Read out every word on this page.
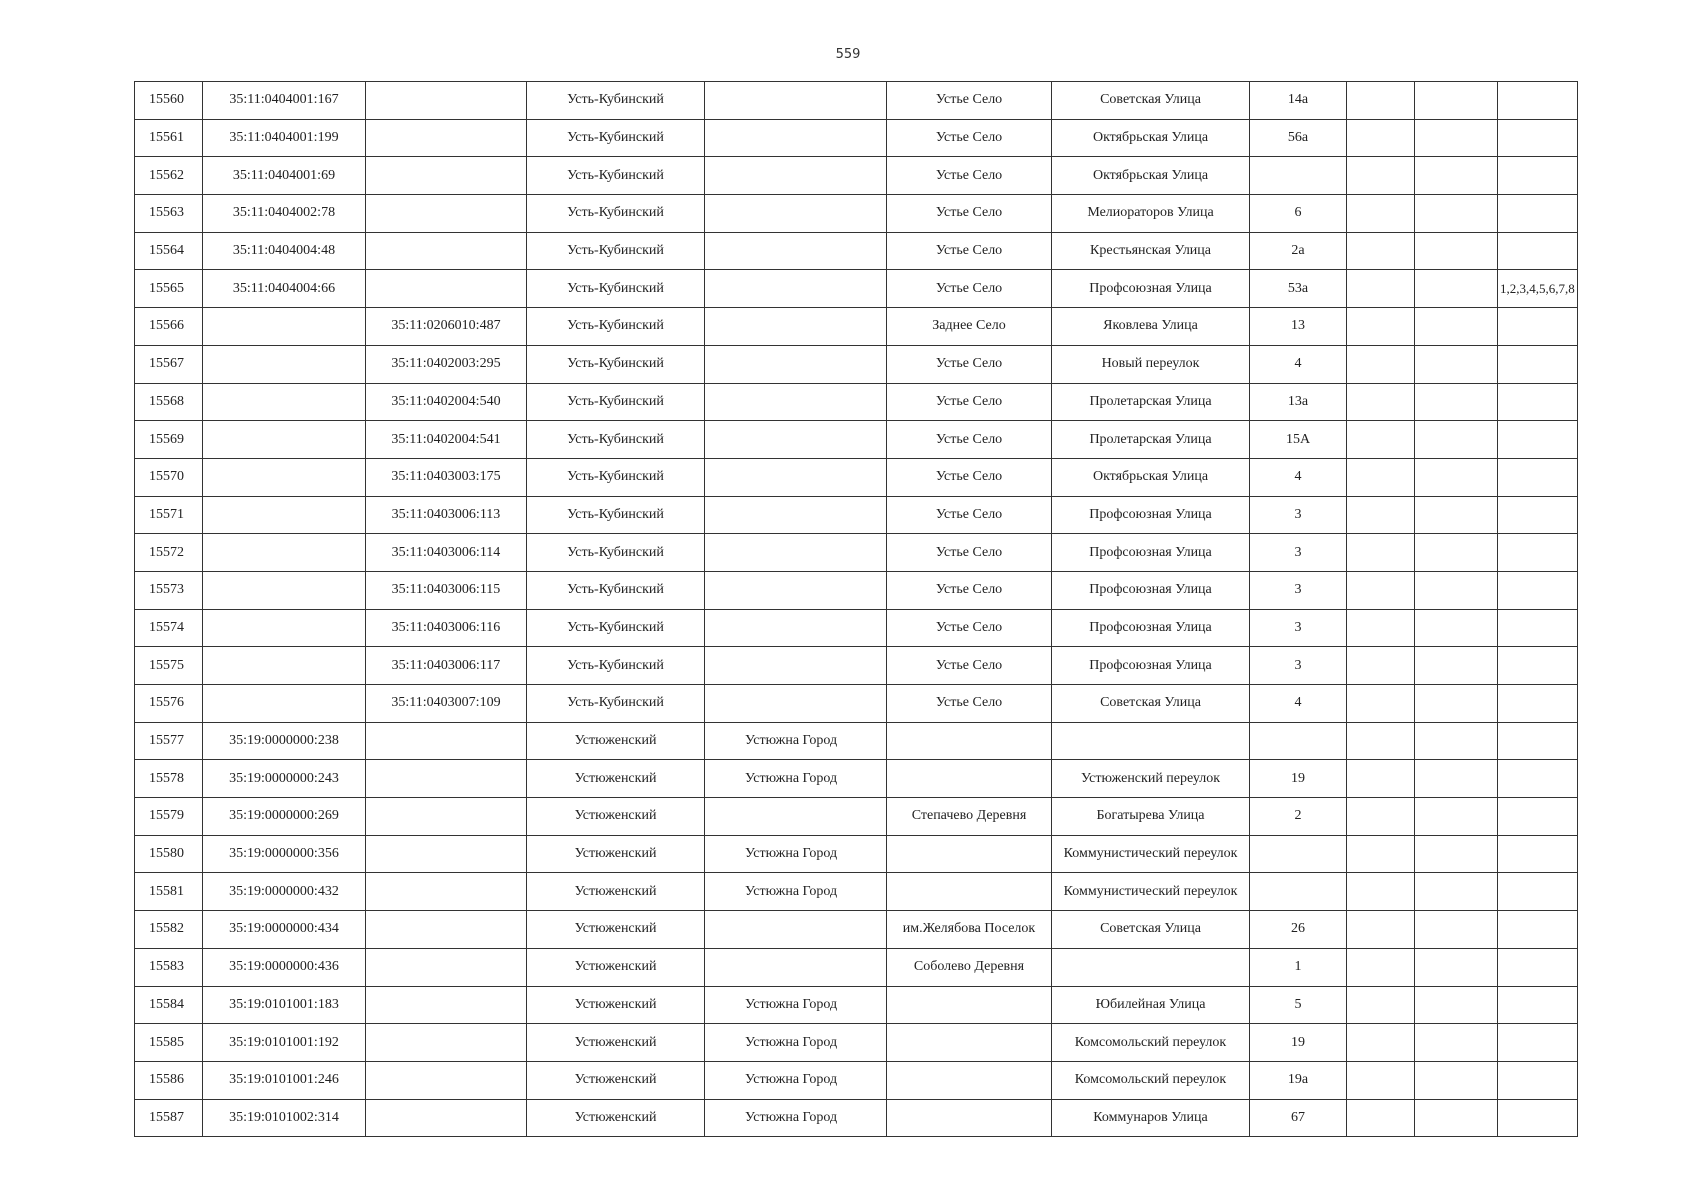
559
15560	35:11:0404001:167		Усть-Кубинский		Устье Село	Советская Улица	14а			
15561	35:11:0404001:199		Усть-Кубинский		Устье Село	Октябрьская Улица	56а			
15562	35:11:0404001:69		Усть-Кубинский		Устье Село	Октябрьская Улица				
15563	35:11:0404002:78		Усть-Кубинский		Устье Село	Мелиораторов Улица	6			
15564	35:11:0404004:48		Усть-Кубинский		Устье Село	Крестьянская Улица	2а			
15565	35:11:0404004:66		Усть-Кубинский		Устье Село	Профсоюзная Улица	53а			1,2,3,4,5,6,7,8
15566		35:11:0206010:487	Усть-Кубинский		Заднее Село	Яковлева Улица	13			
15567		35:11:0402003:295	Усть-Кубинский		Устье Село	Новый переулок	4			
15568		35:11:0402004:540	Усть-Кубинский		Устье Село	Пролетарская Улица	13а			
15569		35:11:0402004:541	Усть-Кубинский		Устье Село	Пролетарская Улица	15А			
15570		35:11:0403003:175	Усть-Кубинский		Устье Село	Октябрьская Улица	4			
15571		35:11:0403006:113	Усть-Кубинский		Устье Село	Профсоюзная Улица	3			
15572		35:11:0403006:114	Усть-Кубинский		Устье Село	Профсоюзная Улица	3			
15573		35:11:0403006:115	Усть-Кубинский		Устье Село	Профсоюзная Улица	3			
15574		35:11:0403006:116	Усть-Кубинский		Устье Село	Профсоюзная Улица	3			
15575		35:11:0403006:117	Усть-Кубинский		Устье Село	Профсоюзная Улица	3			
15576		35:11:0403007:109	Усть-Кубинский		Устье Село	Советская Улица	4			
15577	35:19:0000000:238		Устюженский	Устюжна Город						
15578	35:19:0000000:243		Устюженский	Устюжна Город		Устюженский переулок	19			
15579	35:19:0000000:269		Устюженский		Степачево Деревня	Богатырева Улица	2			
15580	35:19:0000000:356		Устюженский	Устюжна Город		Коммунистический переулок				
15581	35:19:0000000:432		Устюженский	Устюжна Город		Коммунистический переулок				
15582	35:19:0000000:434		Устюженский		им.Желябова Поселок	Советская Улица	26			
15583	35:19:0000000:436		Устюженский		Соболево Деревня		1			
15584	35:19:0101001:183		Устюженский	Устюжна Город		Юбилейная Улица	5			
15585	35:19:0101001:192		Устюженский	Устюжна Город		Комсомольский переулок	19			
15586	35:19:0101001:246		Устюженский	Устюжна Город		Комсомольский переулок	19а			
15587	35:19:0101002:314		Устюженский	Устюжна Город		Коммунаров Улица	67			
